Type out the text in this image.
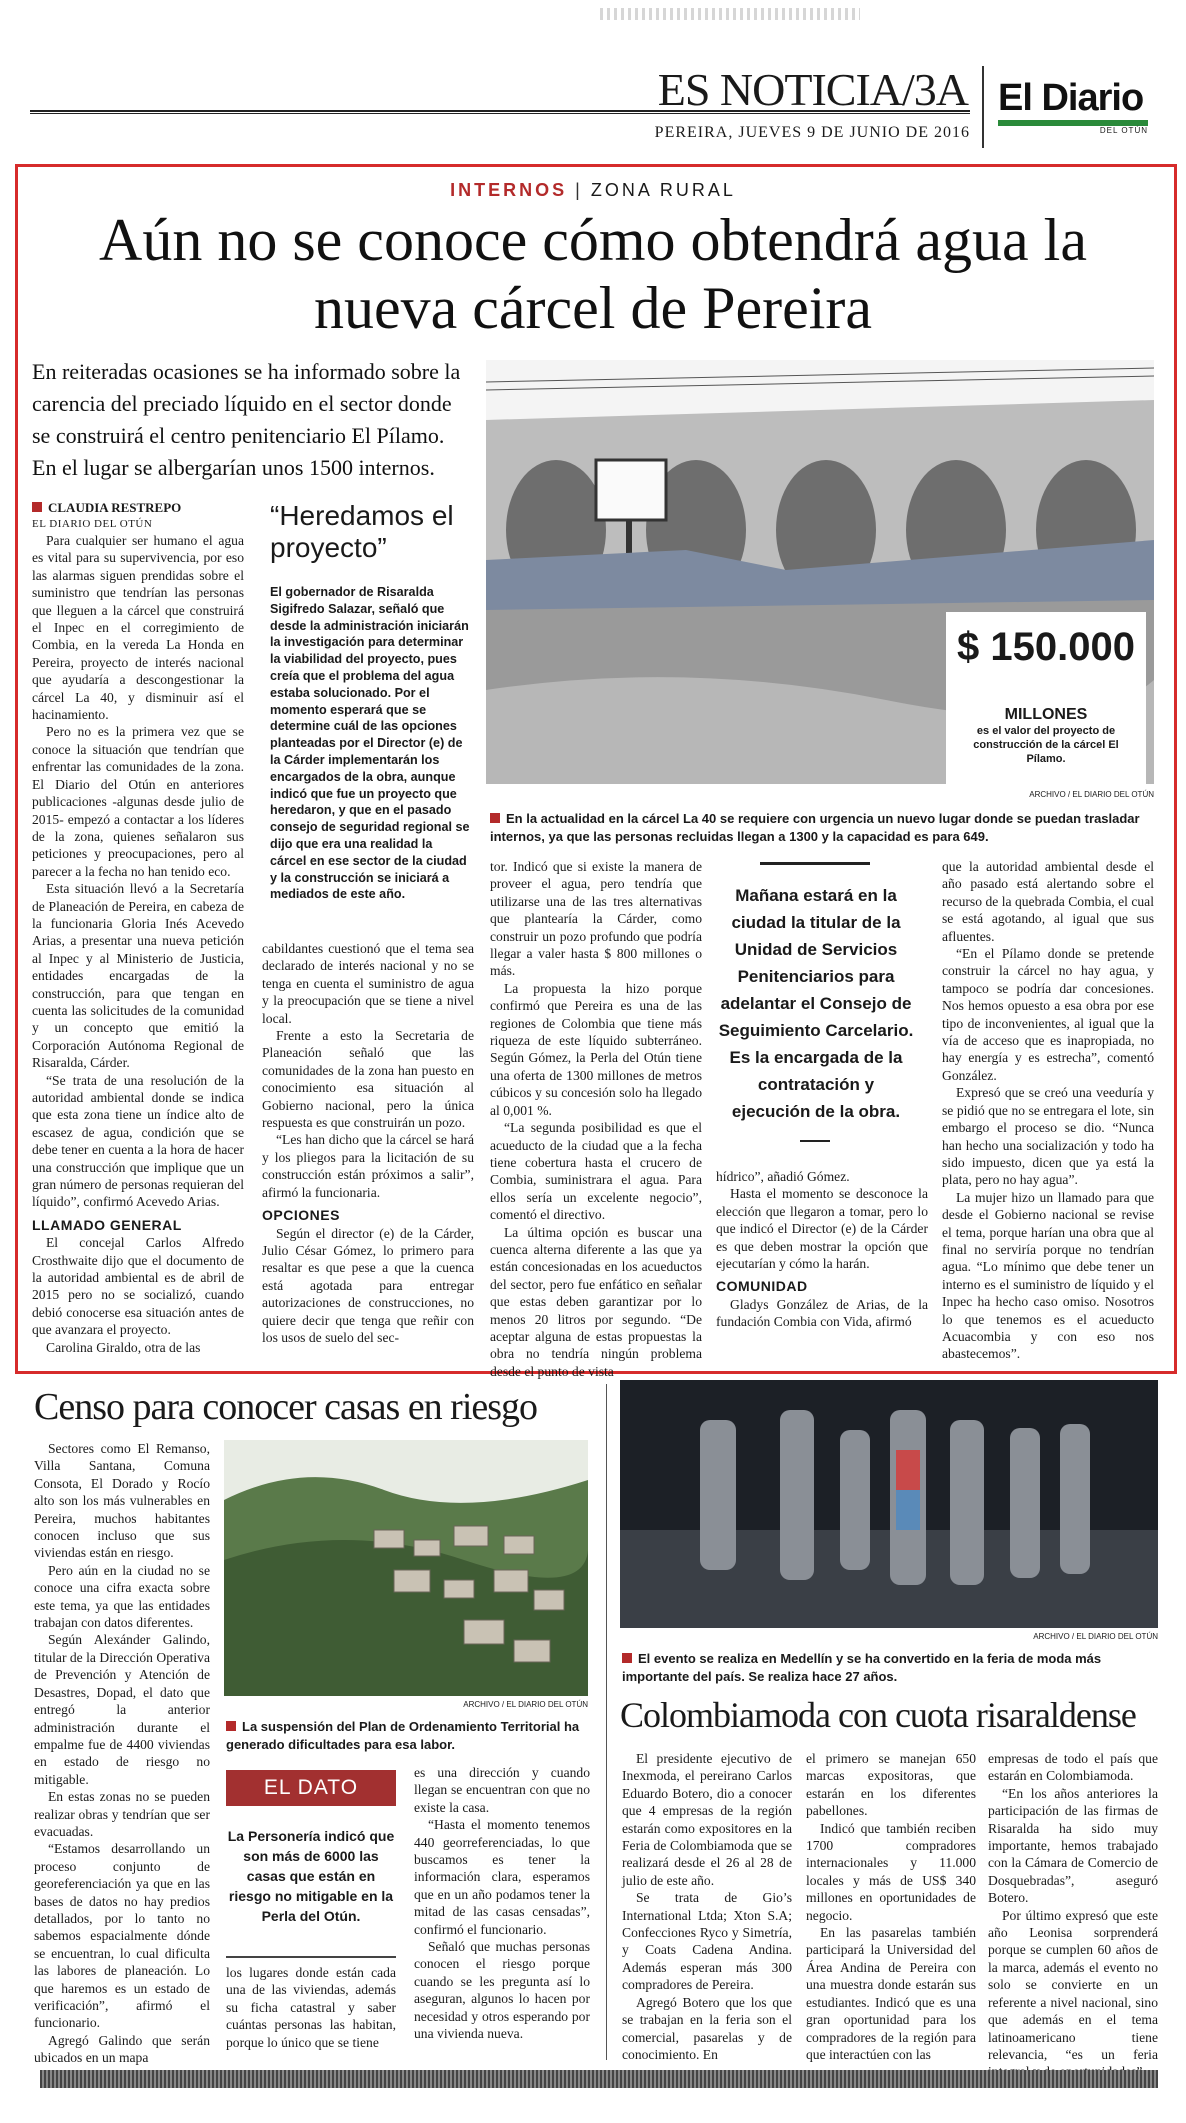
ES NOTICIA/3A
PEREIRA, JUEVES 9 DE JUNIO DE 2016
El Diario
DEL OTÚN
INTERNOS | ZONA RURAL
Aún no se conoce cómo obtendrá agua la nueva cárcel de Pereira
En reiteradas ocasiones se ha informado sobre la carencia del preciado líquido en el sector donde se construirá el centro penitenciario El Pílamo. En el lugar se albergarían unos 1500 internos.
$ 150.000
MILLONES
es el valor del proyecto de construcción de la cárcel El Pílamo.
ARCHIVO / EL DIARIO DEL OTÚN
En la actualidad en la cárcel La 40 se requiere con urgencia un nuevo lugar donde se puedan trasladar internos, ya que las personas recluidas llegan a 1300 y la capacidad es para 649.
CLAUDIA RESTREPO
EL DIARIO DEL OTÚN

Para cualquier ser humano el agua es vital para su supervivencia, por eso las alarmas siguen prendidas sobre el suministro que tendrían las personas que lleguen a la cárcel que construirá el Inpec en el corregimiento de Combia, en la vereda La Honda en Pereira, proyecto de interés nacional que ayudaría a descongestionar la cárcel La 40, y disminuir así el hacinamiento.

Pero no es la primera vez que se conoce la situación que tendrían que enfrentar las comunidades de la zona. El Diario del Otún en anteriores publicaciones -algunas desde julio de 2015- empezó a contactar a los líderes de la zona, quienes señalaron sus peticiones y preocupaciones, pero al parecer a la fecha no han tenido eco.

Esta situación llevó a la Secretaría de Planeación de Pereira, en cabeza de la funcionaria Gloria Inés Acevedo Arias, a presentar una nueva petición al Inpec y al Ministerio de Justicia, entidades encargadas de la construcción, para que tengan en cuenta las solicitudes de la comunidad y un concepto que emitió la Corporación Autónoma Regional de Risaralda, Cárder.

“Se trata de una resolución de la autoridad ambiental donde se indica que esta zona tiene un índice alto de escasez de agua, condición que se debe tener en cuenta a la hora de hacer una construcción que implique que un gran número de personas requieran del líquido”, confirmó Acevedo Arias.

LLAMADO GENERAL

El concejal Carlos Alfredo Crosthwaite dijo que el documento de la autoridad ambiental es de abril de 2015 pero no se socializó, cuando debió conocerse esa situación antes de que avanzara el proyecto.

Carolina Giraldo, otra de las

“Heredamos el proyecto”
El gobernador de Risaralda Sigifredo Salazar, señaló que desde la administración iniciarán la investigación para determinar la viabilidad del proyecto, pues creía que el problema del agua estaba solucionado. Por el momento esperará que se determine cuál de las opciones planteadas por el Director (e) de la Cárder implementarán los encargados de la obra, aunque indicó que fue un proyecto que heredaron, y que en el pasado consejo de seguridad regional se dijo que era una realidad la cárcel en ese sector de la ciudad y la construcción se iniciará a mediados de este año.

cabildantes cuestionó que el tema sea declarado de interés nacional y no se tenga en cuenta el suministro de agua y la preocupación que se tiene a nivel local.

Frente a esto la Secretaria de Planeación señaló que las comunidades de la zona han puesto en conocimiento esa situación al Gobierno nacional, pero la única respuesta es que construirán un pozo.

“Les han dicho que la cárcel se hará y los pliegos para la licitación de su construcción están próximos a salir”, afirmó la funcionaria.

OPCIONES

Según el director (e) de la Cárder, Julio César Gómez, lo primero para resaltar es que pese a que la cuenca está agotada para entregar autorizaciones de construcciones, no quiere decir que tenga que reñir con los usos de suelo del sec-

tor. Indicó que si existe la manera de proveer el agua, pero tendría que utilizarse una de las tres alternativas que plantearía la Cárder, como construir un pozo profundo que podría llegar a valer hasta $ 800 millones o más.

La propuesta la hizo porque confirmó que Pereira es una de las regiones de Colombia que tiene más riqueza de este líquido subterráneo. Según Gómez, la Perla del Otún tiene una oferta de 1300 millones de metros cúbicos y su concesión solo ha llegado al 0,001 %.

“La segunda posibilidad es que el acueducto de la ciudad que a la fecha tiene cobertura hasta el crucero de Combia, suministrara el agua. Para ellos sería un excelente negocio”, comentó el directivo.

La última opción es buscar una cuenca alterna diferente a las que ya están concesionadas en los acueductos del sector, pero fue enfático en señalar que estas deben garantizar por lo menos 20 litros por segundo. “De aceptar alguna de estas propuestas la obra no tendría ningún problema desde el punto de vista

Mañana estará en la ciudad la titular de la Unidad de Servicios Penitenciarios para adelantar el Consejo de Seguimiento Carcelario. Es la encargada de la contratación y ejecución de la obra.

hídrico”, añadió Gómez.

Hasta el momento se desconoce la elección que llegaron a tomar, pero lo que indicó el Director (e) de la Cárder es que deben mostrar la opción que ejecutarían y cómo la harán.

COMUNIDAD

Gladys González de Arias, de la fundación Combia con Vida, afirmó

que la autoridad ambiental desde el año pasado está alertando sobre el recurso de la quebrada Combia, el cual se está agotando, al igual que sus afluentes.

“En el Pílamo donde se pretende construir la cárcel no hay agua, y tampoco se podría dar concesiones. Nos hemos opuesto a esa obra por ese tipo de inconvenientes, al igual que la vía de acceso que es inapropiada, no hay energía y es estrecha”, comentó González.

Expresó que se creó una veeduría y se pidió que no se entregara el lote, sin embargo el proceso se dio. “Nunca han hecho una socialización y todo ha sido impuesto, dicen que ya está la plata, pero no hay agua”.

La mujer hizo un llamado para que desde el Gobierno nacional se revise el tema, porque harían una obra que al final no serviría porque no tendrían agua. “Lo mínimo que debe tener un interno es el suministro de líquido y el Inpec ha hecho caso omiso. Nosotros lo que tenemos es el acueducto Acuacombia y con eso nos abastecemos”.

Censo para conocer casas en riesgo

Sectores como El Remanso, Villa Santana, Comuna Consota, El Dorado y Rocío alto son los más vulnerables en Pereira, muchos habitantes conocen incluso que sus viviendas están en riesgo.

Pero aún en la ciudad no se conoce una cifra exacta sobre este tema, ya que las entidades trabajan con datos diferentes.

Según Alexánder Galindo, titular de la Dirección Operativa de Prevención y Atención de Desastres, Dopad, el dato que entregó la anterior administración durante el empalme fue de 4400 viviendas en estado de riesgo no mitigable.

En estas zonas no se pueden realizar obras y tendrían que ser evacuadas.

“Estamos desarrollando un proceso conjunto de georeferenciación ya que en las bases de datos no hay predios detallados, por lo tanto no sabemos espacialmente dónde se encuentran, lo cual dificulta las labores de planeación. Lo que haremos es un estado de verificación”, afirmó el funcionario.

Agregó Galindo que serán ubicados en un mapa

ARCHIVO / EL DIARIO DEL OTÚN
La suspensión del Plan de Ordenamiento Territorial ha generado dificultades para esa labor.
EL DATO
La Personería indicó que son más de 6000 las casas que están en riesgo no mitigable en la Perla del Otún.

los lugares donde están cada una de las viviendas, además su ficha catastral y saber cuántas personas las habitan, porque lo único que se tiene

es una dirección y cuando llegan se encuentran con que no existe la casa.

“Hasta el momento tenemos 440 georreferenciadas, lo que buscamos es tener la información clara, esperamos que en un año podamos tener la mitad de las casas censadas”, confirmó el funcionario.

Señaló que muchas personas conocen el riesgo porque cuando se les pregunta así lo aseguran, algunos lo hacen por necesidad y otros esperando por una vivienda nueva.

ARCHIVO / EL DIARIO DEL OTÚN
El evento se realiza en Medellín y se ha convertido en la feria de moda más importante del país. Se realiza hace 27 años.
Colombiamoda con cuota risaraldense

El presidente ejecutivo de Inexmoda, el pereirano Carlos Eduardo Botero, dio a conocer que 4 empresas de la región estarán como expositores en la Feria de Colombiamoda que se realizará desde el 26 al 28 de julio de este año.

Se trata de Gio’s International Ltda; Xton S.A; Confecciones Ryco y Simetría, y Coats Cadena Andina. Además esperan más 300 compradores de Pereira.

Agregó Botero que los que se trabajan en la feria son el comercial, pasarelas y de conocimiento. En

el primero se manejan 650 marcas expositoras, que estarán en los diferentes pabellones.

Indicó que también reciben 1700 compradores internacionales y 11.000 locales y más de US$ 340 millones en oportunidades de negocio.

En las pasarelas también participará la Universidad del Área Andina de Pereira con una muestra donde estarán sus estudiantes. Indicó que es una gran oportunidad para los compradores de la región para que interactúen con las

empresas de todo el país que estarán en Colombiamoda.

“En los años anteriores la participación de las firmas de Risaralda ha sido muy importante, hemos trabajado con la Cámara de Comercio de Dosquebradas”, aseguró Botero.

Por último expresó que este año Leonisa sorprenderá porque se cumplen 60 años de la marca, además el evento no solo se convierte en un referente a nivel nacional, sino que además en el tema latinoamericano tiene relevancia, “es un feria
